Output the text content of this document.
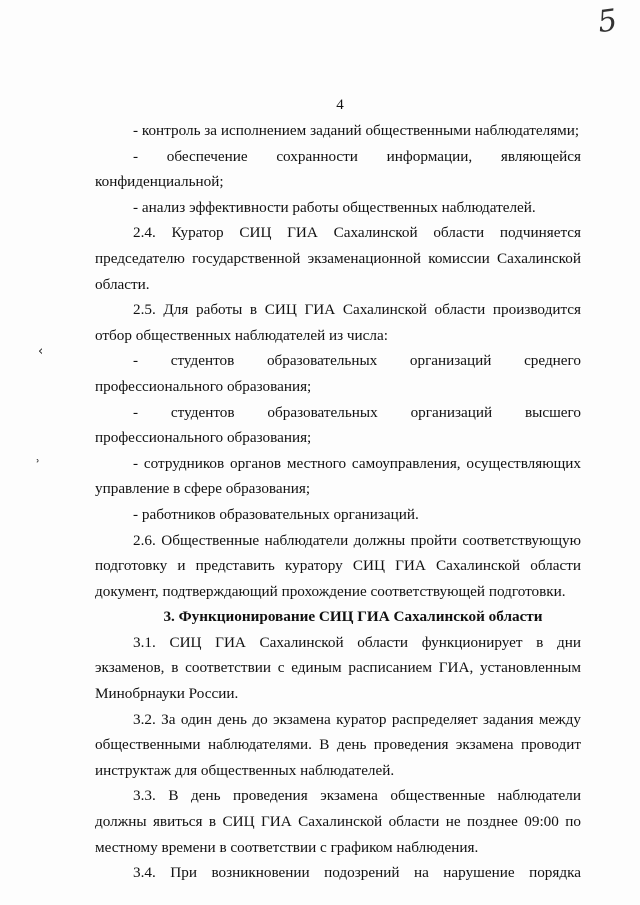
5
4
‹
˒

- контроль за исполнением заданий общественными наблюдателями;

- обеспечение сохранности информации, являющейся конфиденциальной;

- анализ эффективности работы общественных наблюдателей.

2.4. Куратор СИЦ ГИА Сахалинской области подчиняется председателю государственной экзаменационной комиссии Сахалинской области.

2.5. Для работы в СИЦ ГИА Сахалинской области производится отбор общественных наблюдателей из числа:

- студентов образовательных организаций среднего профессионального образования;

- студентов образовательных организаций высшего профессионального образования;

- сотрудников органов местного самоуправления, осуществляющих управление в сфере образования;

- работников образовательных организаций.

2.6. Общественные наблюдатели должны пройти соответствующую подготовку и представить куратору СИЦ ГИА Сахалинской области документ, подтверждающий прохождение соответствующей подготовки.

3. Функционирование СИЦ ГИА Сахалинской области

3.1. СИЦ ГИА Сахалинской области функционирует в дни экзаменов, в соответствии с единым расписанием ГИА, установленным Минобрнауки России.

3.2. За один день до экзамена куратор распределяет задания между общественными наблюдателями. В день проведения экзамена проводит инструктаж для общественных наблюдателей.

3.3. В день проведения экзамена общественные наблюдатели должны явиться в СИЦ ГИА Сахалинской области не позднее 09:00 по местному времени в соответствии с графиком наблюдения.

3.4. При возникновении подозрений на нарушение порядка
